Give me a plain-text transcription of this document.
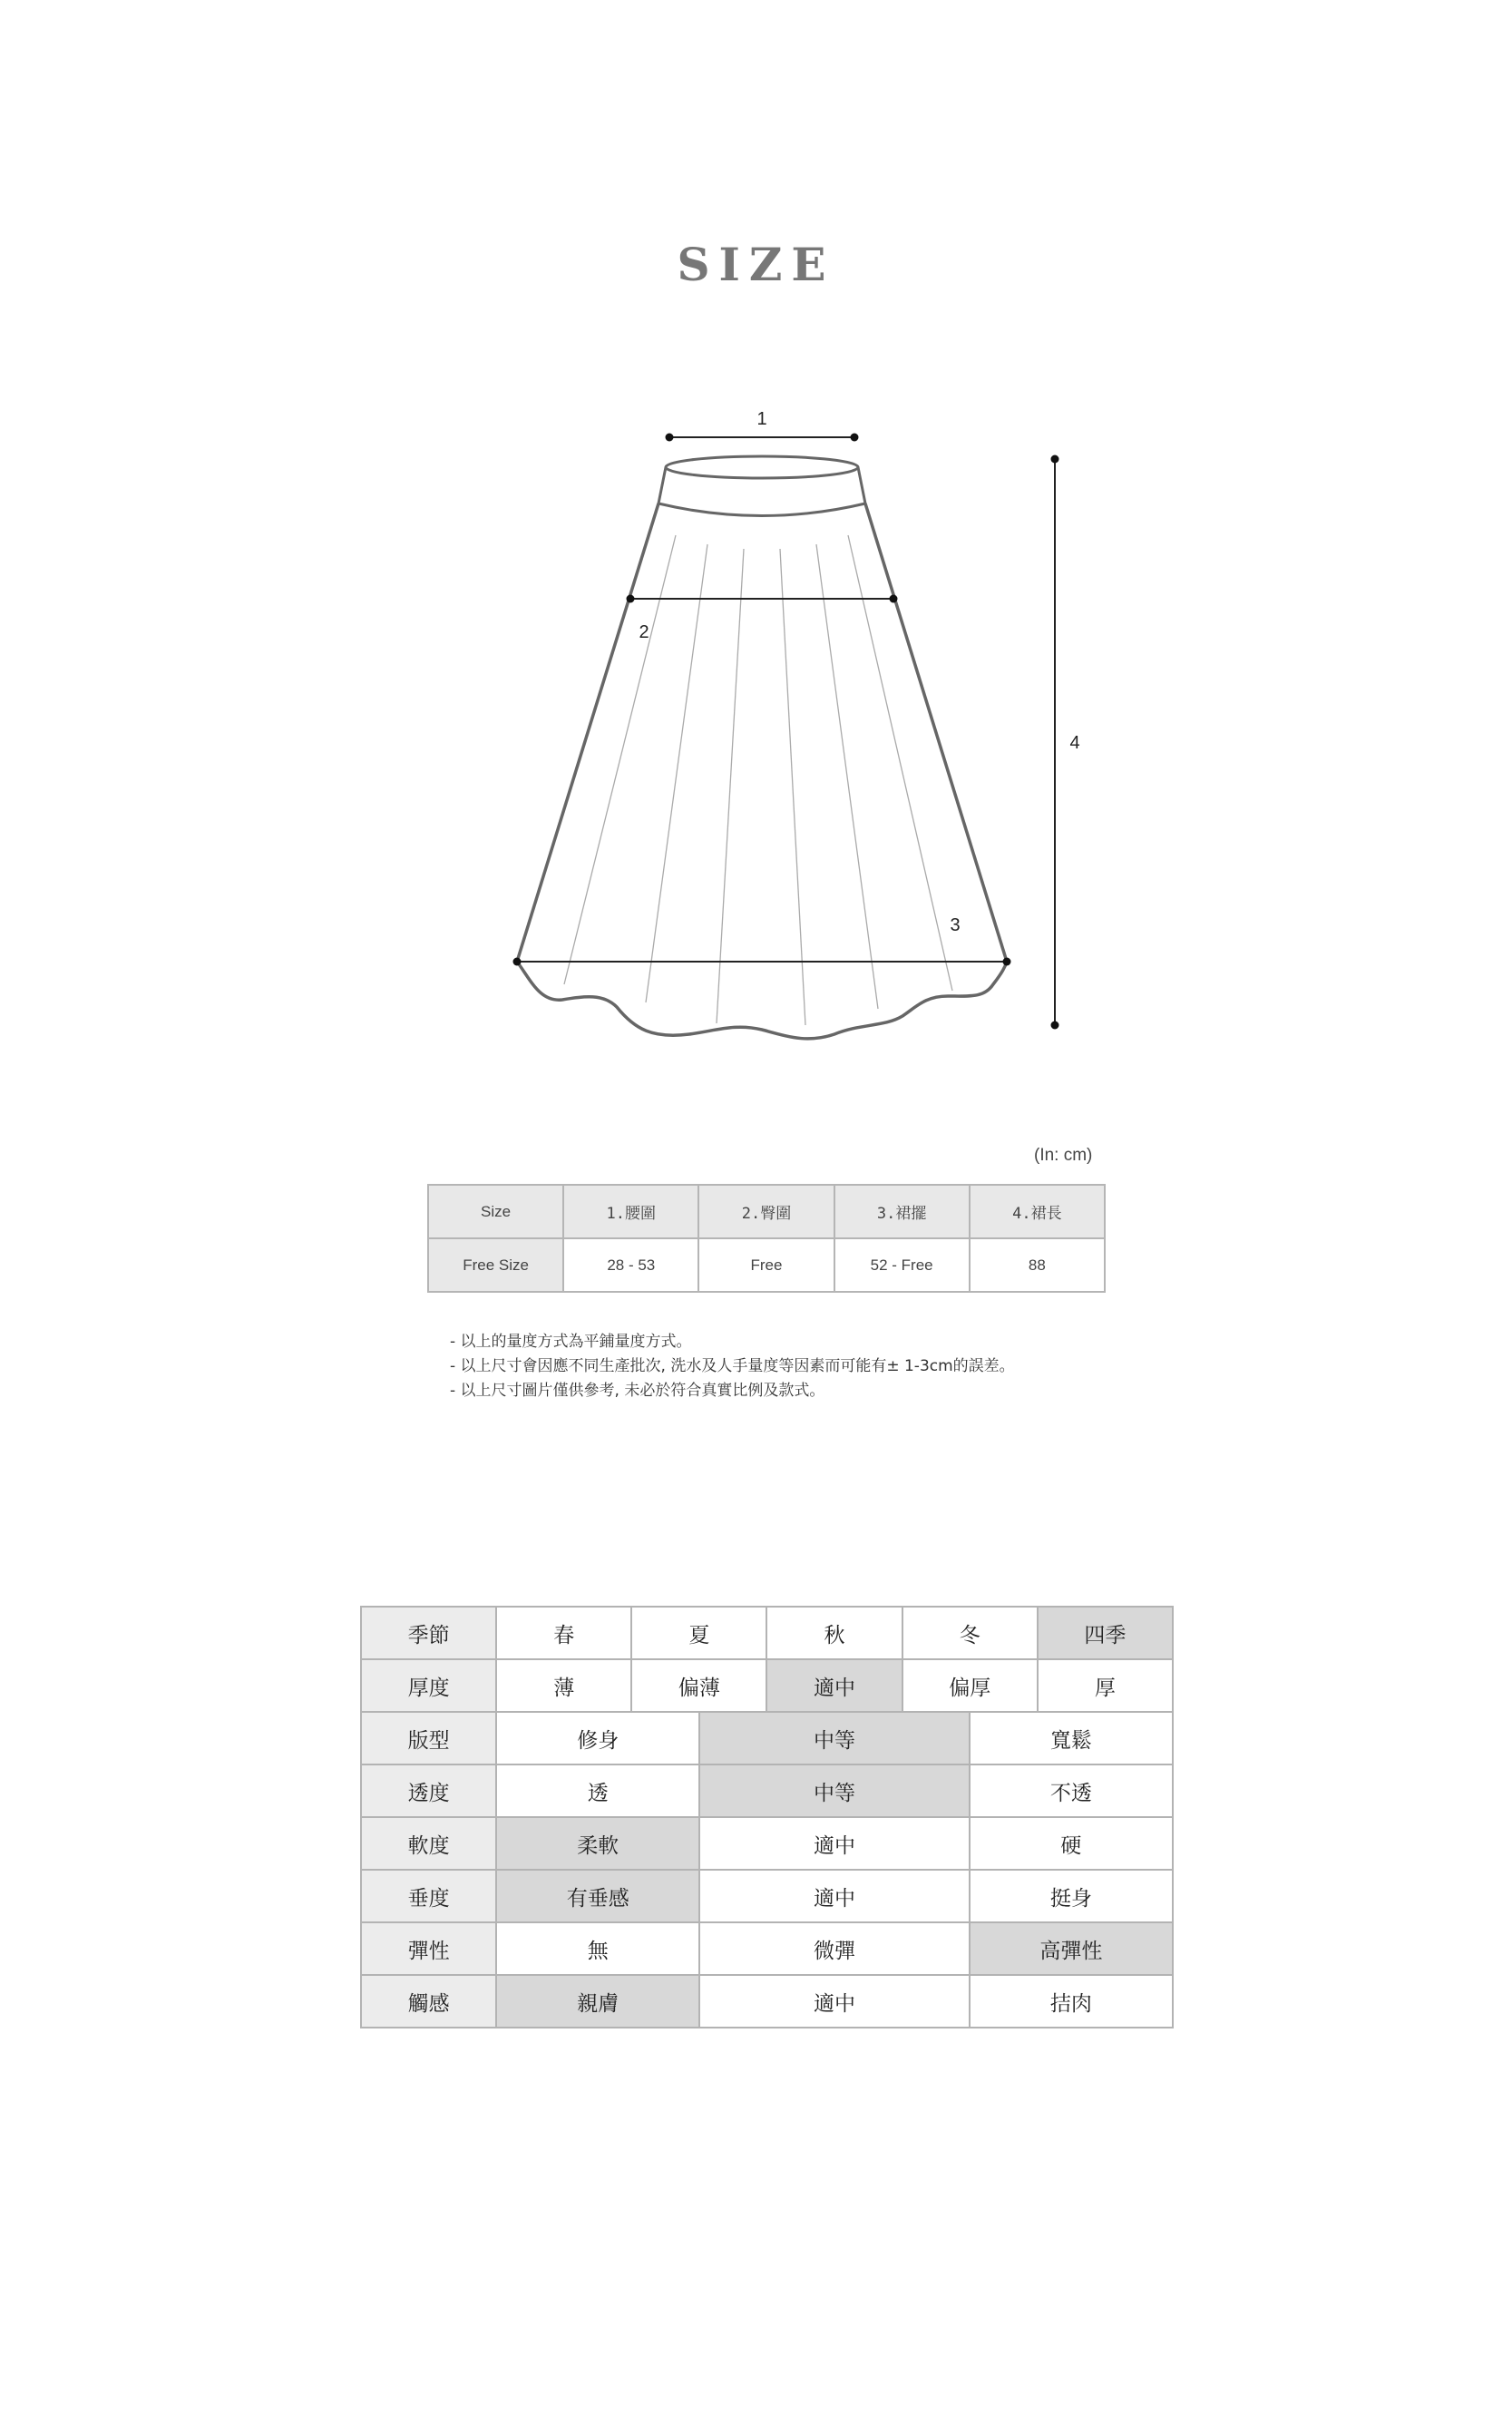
SIZE
1
2
3
4
(In: cm)
Size	1.腰圍	2.臀圍	3.裙擺	4.裙長
Free Size	28 - 53	Free	52 - Free	88
- 以上的量度方式為平鋪量度方式。
- 以上尺寸會因應不同生產批次, 洗水及人手量度等因素而可能有± 1-3cm的誤差。
- 以上尺寸圖片僅供參考, 未必於符合真實比例及款式。
季節	春	夏		秋	冬		四季
厚度	薄	偏薄		適中	偏厚		厚
版型	修身		中等			寬鬆	
透度	透		中等			不透	
軟度	柔軟		適中			硬	
垂度	有垂感		適中			挺身	
彈性	無		微彈			高彈性	
觸感	親膚		適中			拮肉	
